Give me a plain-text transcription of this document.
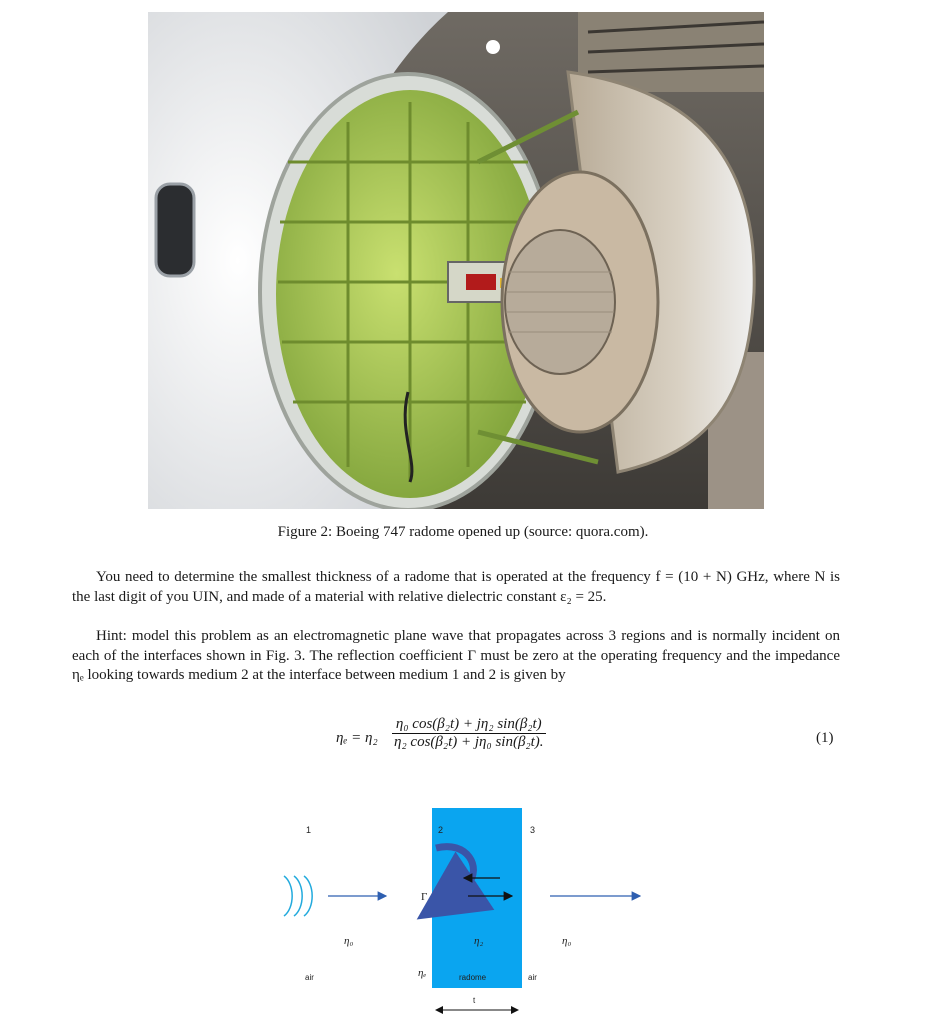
Figure 2: Boeing 747 radome opened up (source: quora.com).

You need to determine the smallest thickness of a radome that is operated at the frequency f = (10 + N) GHz, where N is the last digit of you UIN, and made of a material with relative dielectric constant ε₂ = 25.

Hint: model this problem as an electromagnetic plane wave that propagates across 3 regions and is normally incident on each of the interfaces shown in Fig. 3. The reflection coefficient Γ must be zero at the operating frequency and the impedance ηₑ looking towards medium 2 at the interface between medium 1 and 2 is given by

$\eta_e = \eta_2 \frac{\text{η₀ cos(β₂t) + jη₂ sin(β₂t)}}{\text{η₂ cos(β₂t) + jη₀ sin(β₂t).}}$	(1)
1	2	3
Γ
η₀	η₂	η₀
ηₑ
air	radome	air
t
